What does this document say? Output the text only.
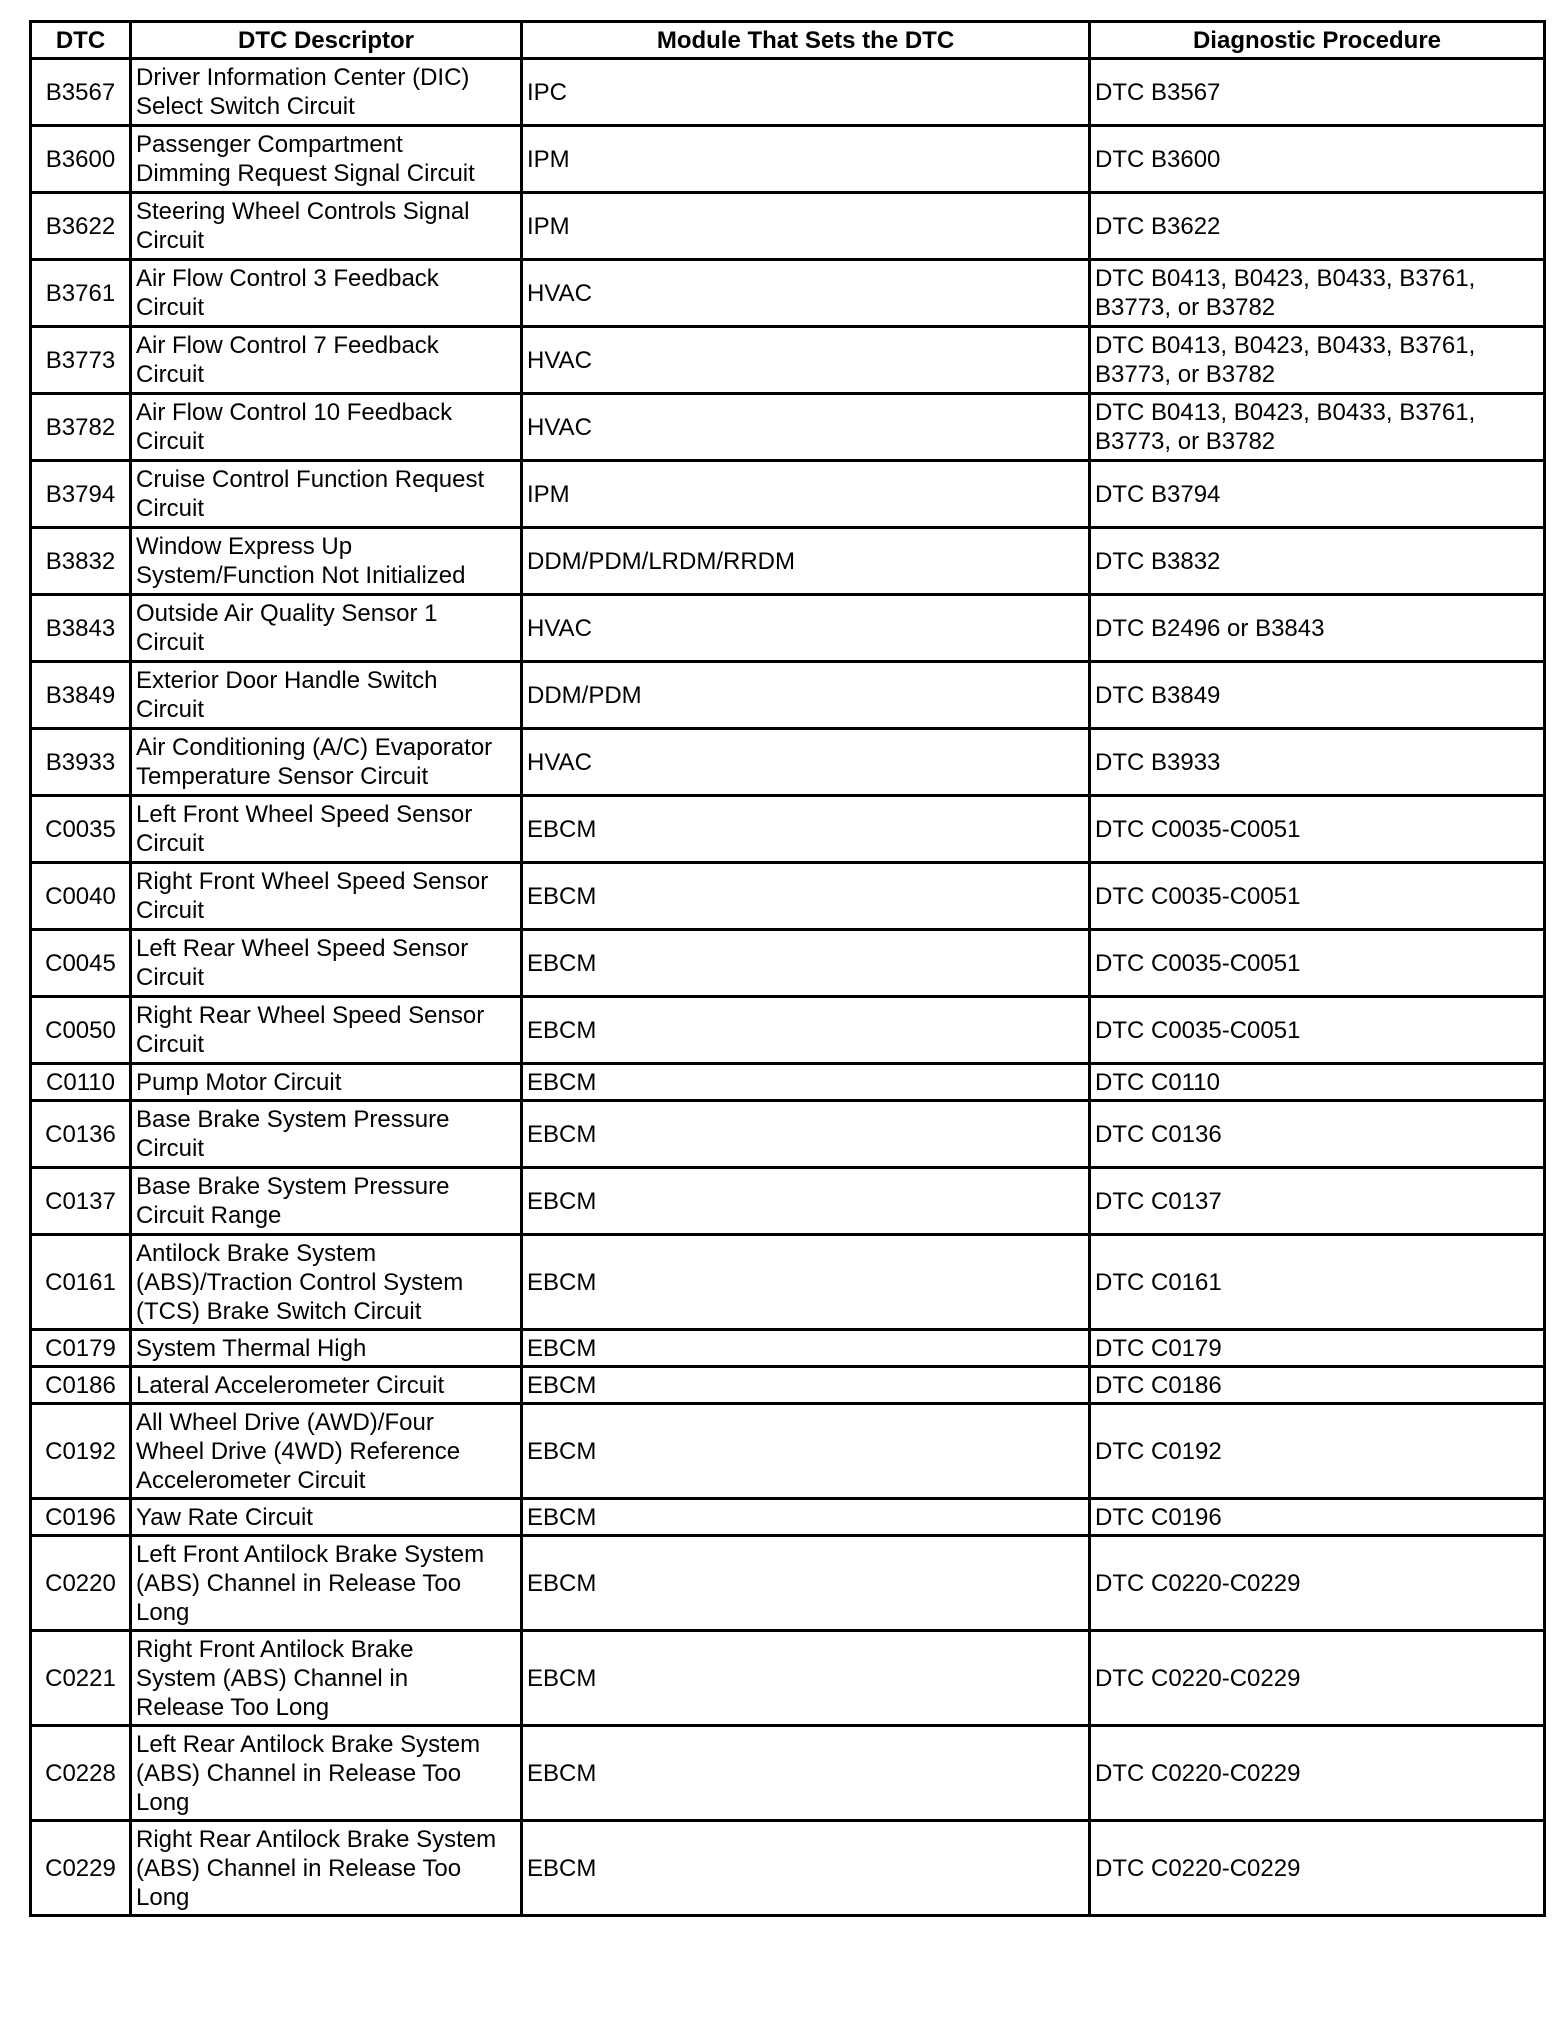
DTC	DTC Descriptor	Module That Sets the DTC	Diagnostic Procedure
B3567	Driver Information Center (DIC)
Select Switch Circuit	IPC	DTC B3567

B3600	Passenger Compartment
Dimming Request Signal Circuit	IPM	DTC B3600

B3622	Steering Wheel Controls Signal
Circuit	IPM	DTC B3622

B3761	Air Flow Control 3 Feedback
Circuit	HVAC	DTC B0413, B0423, B0433, B3761,
B3773, or B3782

B3773	Air Flow Control 7 Feedback
Circuit	HVAC	DTC B0413, B0423, B0433, B3761,
B3773, or B3782

B3782	Air Flow Control 10 Feedback
Circuit	HVAC	DTC B0413, B0423, B0433, B3761,
B3773, or B3782

B3794	Cruise Control Function Request
Circuit	IPM	DTC B3794

B3832	Window Express Up
System/Function Not Initialized	DDM/PDM/LRDM/RRDM	DTC B3832

B3843	Outside Air Quality Sensor 1
Circuit	HVAC	DTC B2496 or B3843

B3849	Exterior Door Handle Switch
Circuit	DDM/PDM	DTC B3849

B3933	Air Conditioning (A/C) Evaporator
Temperature Sensor Circuit	HVAC	DTC B3933

C0035	Left Front Wheel Speed Sensor
Circuit	EBCM	DTC C0035-C0051

C0040	Right Front Wheel Speed Sensor
Circuit	EBCM	DTC C0035-C0051

C0045	Left Rear Wheel Speed Sensor
Circuit	EBCM	DTC C0035-C0051

C0050	Right Rear Wheel Speed Sensor
Circuit	EBCM	DTC C0035-C0051

C0110	Pump Motor Circuit	EBCM	DTC C0110

C0136	Base Brake System Pressure
Circuit	EBCM	DTC C0136

C0137	Base Brake System Pressure
Circuit Range	EBCM	DTC C0137

C0161	Antilock Brake System
(ABS)/Traction Control System
(TCS) Brake Switch Circuit	EBCM	DTC C0161

C0179	System Thermal High	EBCM	DTC C0179

C0186	Lateral Accelerometer Circuit	EBCM	DTC C0186

C0192	All Wheel Drive (AWD)/Four
Wheel Drive (4WD) Reference
Accelerometer Circuit	EBCM	DTC C0192

C0196	Yaw Rate Circuit	EBCM	DTC C0196

C0220	Left Front Antilock Brake System
(ABS) Channel in Release Too
Long	EBCM	DTC C0220-C0229

C0221	Right Front Antilock Brake
System (ABS) Channel in
Release Too Long	EBCM	DTC C0220-C0229

C0228	Left Rear Antilock Brake System
(ABS) Channel in Release Too
Long	EBCM	DTC C0220-C0229

C0229	Right Rear Antilock Brake System
(ABS) Channel in Release Too
Long	EBCM	DTC C0220-C0229
